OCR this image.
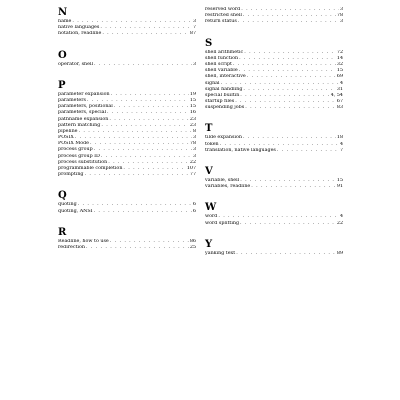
N
name . . .	3
native languages . . .	7
notation, readline . . .	87
O
operator, shell . . .	3
P
parameter expansion . . .	19
parameters . . .	15
parameters, positional . . .	15
parameters, special . . .	16
pathname expansion . . .	23
pattern matching . . .	23
pipeline . . .	8
POSIX . . .	3
POSIX Mode . . .	78
process group . . .	3
process group ID . . .	3
process substitution . . .	22
programmable completion . . .	107
prompting . . .	77
Q
quoting . . .	6
quoting, ANSI . . .	6
R
Readline, how to use . . .	86
redirection . . .	25
reserved word . . .	3
restricted shell . . .	78
return status . . .	3
S
shell arithmetic . . .	72
shell function . . .	14
shell script . . .	32
shell variable . . .	15
shell, interactive . . .	69
signal . . .	4
signal handling . . .	31
special builtin . . .	4, 54
startup files . . .	67
suspending jobs . . .	83
T
tilde expansion . . .	18
token . . .	4
translation, native languages . . .	7
V
variable, shell . . .	15
variables, readline . . .	91
W
word . . .	4
word splitting . . .	22
Y
yanking text . . .	89
